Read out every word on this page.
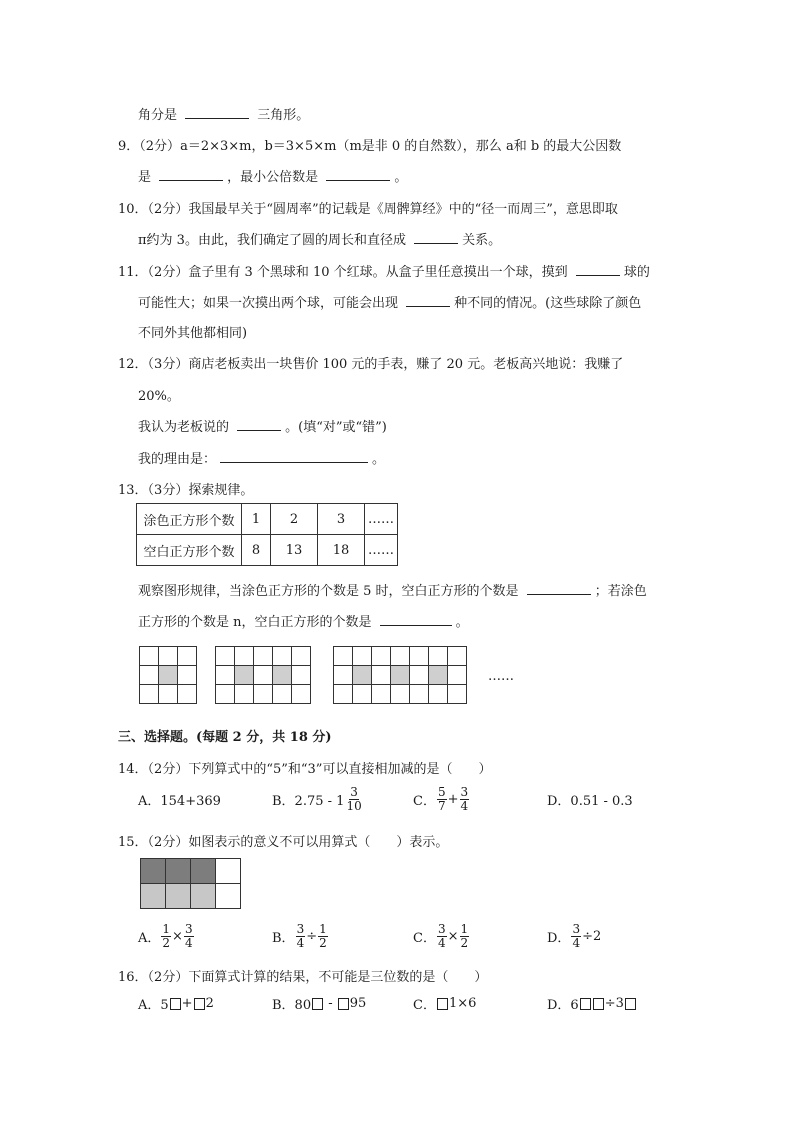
角分是	三角形。
9．（2分）a＝2×3×m，b＝3×5×m（m是非 0 的自然数），那么 a和 b 的最大公因数
是	，最小公倍数是	。
10．（2分）我国最早关于“圆周率”的记载是《周髀算经》中的“径一而周三”，意思即取
π约为 3。由此，我们确定了圆的周长和直径成	关系。
11．（2分）盒子里有 3 个黑球和 10 个红球。从盒子里任意摸出一个球，摸到	球的
可能性大；如果一次摸出两个球，可能会出现	种不同的情况。(这些球除了颜色
不同外其他都相同)
12．（3分）商店老板卖出一块售价 100 元的手表，赚了 20 元。老板高兴地说：我赚了
20%。
我认为老板说的	。(填“对”或“错”)
我的理由是：	。
13．（3分）探索规律。
涂色正方形个数	1	2	3	……
空白正方形个数	8	13	18	……
观察图形规律，当涂色正方形的个数是 5 时，空白正方形的个数是	；若涂色
正方形的个数是 n，空白正方形的个数是	。
……
三、选择题。(每题 2 分，共 18 分)
14．（2分）下列算式中的“5”和“3”可以直接相加减的是（　　）
A．154+369	B．$2.75 - 1 \frac{3}{10}$	C． $\frac{5}{7} + \frac{3}{4}$	D．0.51 - 0.3
15．（2分）如图表示的意义不可以用算式（　　）表示。
A． $\frac{1}{2} \times \frac{3}{4}$	B． $\frac{3}{4} \div \frac{1}{2}$	C． $\frac{3}{4} \times \frac{1}{2}$	D． $\frac{3}{4} \div 2$
16．（2分）下面算式计算的结果，不可能是三位数的是（　　）
A．5 + 2	B．80 - 95	C． 1×6	D．6 ÷3
